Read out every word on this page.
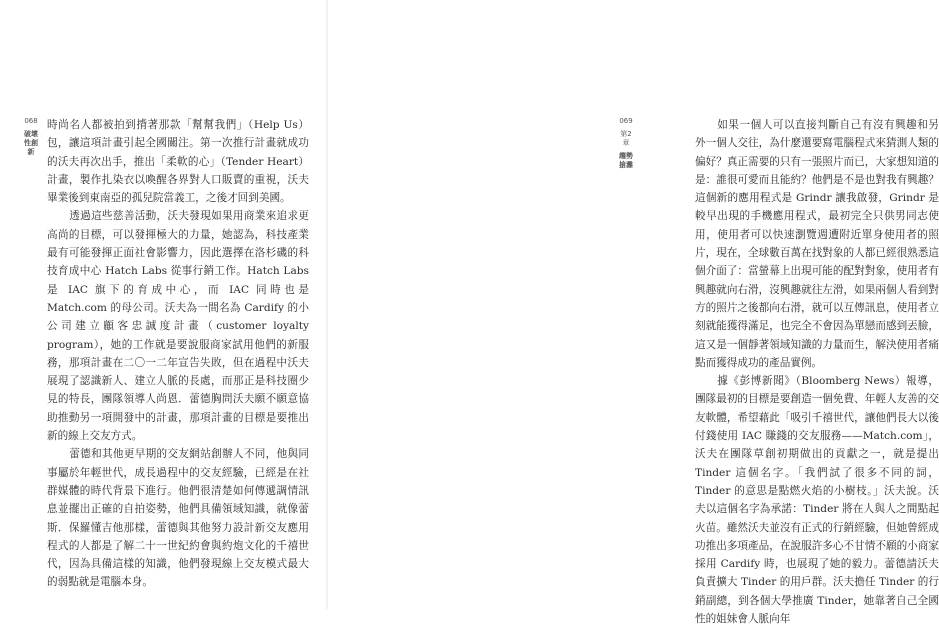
068
破壞性創新

時尚名人都被拍到揹著那款「幫幫我們」（Help Us）包，讓這項計畫引起全國關注。第一次推行計畫就成功的沃夫再次出手，推出「柔軟的心」（Tender Heart）計畫，製作扎染衣以喚醒各界對人口販賣的重視，沃夫畢業後到東南亞的孤兒院當義工，之後才回到美國。

透過這些慈善活動，沃夫發現如果用商業來追求更高尚的目標，可以發揮極大的力量，她認為，科技產業最有可能發揮正面社會影響力，因此選擇在洛杉磯的科技育成中心 Hatch Labs 從事行銷工作。Hatch Labs 是 IAC 旗下的育成中心，而 IAC 同時也是 Match.com 的母公司。沃夫為一間名為 Cardify 的小公司建立顧客忠誠度計畫（customer loyalty program），她的工作就是要說服商家試用他們的新服務，那項計畫在二〇一二年宣告失敗，但在過程中沃夫展現了認識新人、建立人脈的長處，而那正是科技圈少見的特長，團隊領導人尚恩．蕾德胸問沃夫願不願意協助推動另一項開發中的計畫，那項計畫的目標是要推出新的線上交友方式。

蕾德和其他更早期的交友網站創辦人不同，他與同事屬於年輕世代，成長過程中的交友經驗，已經是在社群媒體的時代背景下進行。他們很清楚如何傳遞調情訊息並擺出正確的自拍姿勢，他們具備領域知識，就像蕾斯．保羅懂吉他那樣，蕾德與其他努力設計新交友應用程式的人都是了解二十一世紀約會與約炮文化的千禧世代，因為具備這樣的知識，他們發現線上交友模式最大的弱點就是電腦本身。

如果一個人可以直接判斷自己有沒有興趣和另外一個人交往，為什麼還要寫電腦程式來猜測人類的偏好？真正需要的只有一張照片而已，大家想知道的是：誰很可愛而且能約？他們是不是也對我有興趣？這個新的應用程式是 Grindr 讓我啟發，Grindr 是較早出現的手機應用程式，最初完全只供男同志使用，使用者可以快速瀏覽週遭附近單身使用者的照片，現在，全球數百萬在找對象的人都已經很熟悉這個介面了：當螢幕上出現可能的配對對象，使用者有興趣就向右滑，沒興趣就往左滑，如果兩個人看到對方的照片之後都向右滑，就可以互傳訊息，使用者立刻就能獲得滿足，也完全不會因為單戀而感到丟臉，這又是一個靜著領域知識的力量而生，解決使用者痛點而獲得成功的產品實例。

據《彭博新聞》（Bloomberg News）報導，團隊最初的目標是要創造一個免費、年輕人友善的交友軟體，希望藉此「吸引千禧世代，讓他們長大以後付錢使用 IAC 賺錢的交友服務——Match.com」，沃夫在團隊草創初期做出的貢獻之一，就是提出 Tinder 這個名字。「我們試了很多不同的詞，Tinder 的意思是點燃火焰的小樹枝。」沃夫說。沃夫以這個名字為承諾：Tinder 將在人與人之間點起火苗。雖然沃夫並沒有正式的行銷經驗，但她曾經成功推出多項產品，在說服許多心不甘情不願的小商家採用 Cardify 時，也展現了她的毅力。蕾德請沃夫負責擴大 Tinder 的用戶群。沃夫擔任 Tinder 的行銷副總，到各個大學推廣 Tinder，她靠著自己全國性的姐妹會人脈向年

069
第2章
趨勢搶灘
